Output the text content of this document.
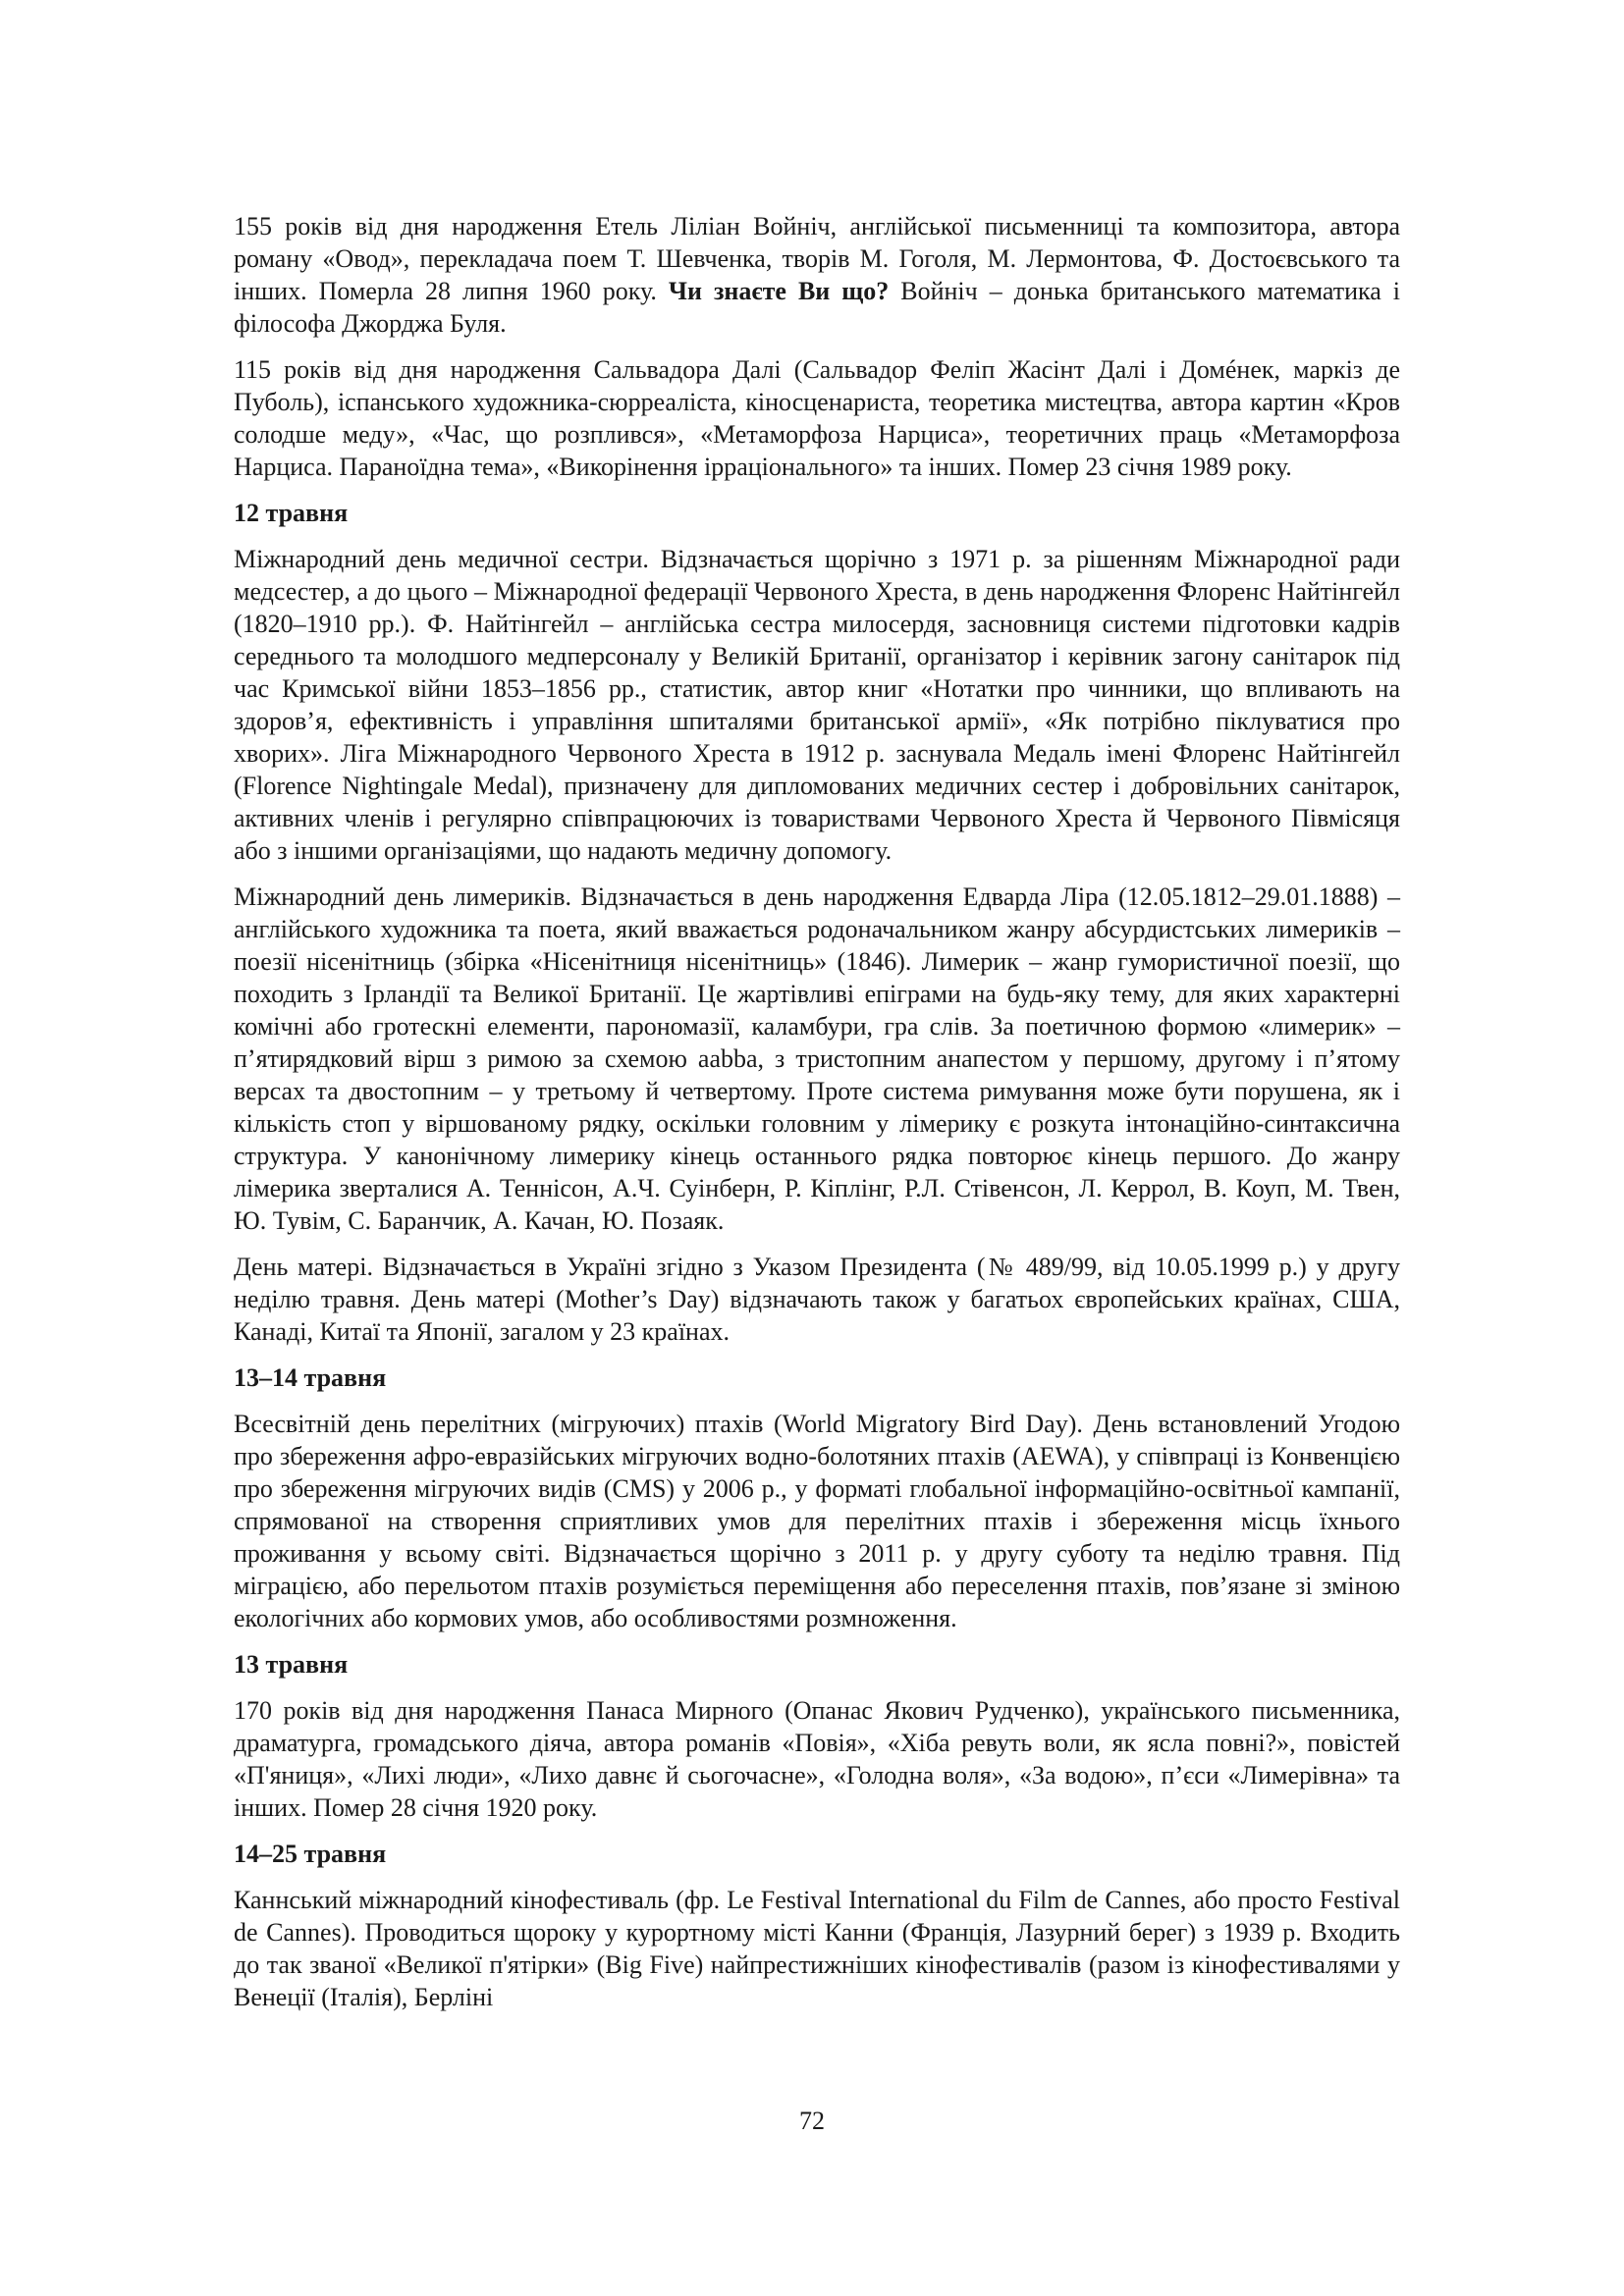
155 років від дня народження Етель Ліліан Войніч, англійської письменниці та композитора, автора роману «Овод», перекладача поем Т. Шевченка, творів М. Гоголя, М. Лермонтова, Ф. Достоєвського та інших. Померла 28 липня 1960 року. Чи знаєте Ви що? Войніч – донька британського математика і філософа Джорджа Буля.

115 років від дня народження Сальвадора Далі (Сальвадор Феліп Жасінт Далі і Домéнек, маркіз де Пуболь), іспанського художника-сюрреаліста, кіносценариста, теоретика мистецтва, автора картин «Кров солодше меду», «Час, що розплився», «Метаморфоза Нарциса», теоретичних праць «Метаморфоза Нарциса. Параноїдна тема», «Викорінення ірраціонального» та інших. Помер 23 січня 1989 року.

12 травня

Міжнародний день медичної сестри. Відзначається щорічно з 1971 р. за рішенням Міжнародної ради медсестер, а до цього – Міжнародної федерації Червоного Хреста, в день народження Флоренс Найтінгейл (1820–1910 рр.). Ф. Найтінгейл – англійська сестра милосердя, засновниця системи підготовки кадрів середнього та молодшого медперсоналу у Великій Британії, організатор і керівник загону санітарок під час Кримської війни 1853–1856 рр., статистик, автор книг «Нотатки про чинники, що впливають на здоров’я, ефективність і управління шпиталями британської армії», «Як потрібно піклуватися про хворих». Ліга Міжнародного Червоного Хреста в 1912 р. заснувала Медаль імені Флоренс Найтінгейл (Florence Nightingale Medal), призначену для дипломованих медичних сестер і добровільних санітарок, активних членів і регулярно співпрацюючих із товариствами Червоного Хреста й Червоного Півмісяця або з іншими організаціями, що надають медичну допомогу.

Міжнародний день лимериків. Відзначається в день народження Едварда Ліра (12.05.1812–29.01.1888) – англійського художника та поета, який вважається родоначальником жанру абсурдистських лимериків – поезії нісенітниць (збірка «Нісенітниця нісенітниць» (1846). Лимерик – жанр гумористичної поезії, що походить з Ірландії та Великої Британії. Це жартівливі епіграми на будь-яку тему, для яких характерні комічні або гротескні елементи, парономазії, каламбури, гра слів. За поетичною формою «лимерик» – п’ятирядковий вірш з римою за схемою aabba, з тристопним анапестом у першому, другому і п’ятому версах та двостопним – у третьому й четвертому. Проте система римування може бути порушена, як і кількість стоп у віршованому рядку, оскільки головним у лімерику є розкута інтонаційно-синтаксична структура. У канонічному лимерику кінець останнього рядка повторює кінець першого. До жанру лімерика зверталися А. Теннісон, А.Ч. Суінберн, Р. Кіплінг, Р.Л. Стівенсон, Л. Керрол, В. Коуп, М. Твен, Ю. Тувім, С. Баранчик, А. Качан, Ю. Позаяк.

День матері. Відзначається в Україні згідно з Указом Президента (№ 489/99, від 10.05.1999 р.) у другу неділю травня. День матері (Mother’s Day) відзначають також у багатьох європейських країнах, США, Канаді, Китаї та Японії, загалом у 23 країнах.

13–14 травня

Всесвітній день перелітних (мігруючих) птахів (World Migratory Bird Day). День встановлений Угодою про збереження афро-евразійських мігруючих водно-болотяних птахів (AEWA), у співпраці із Конвенцією про збереження мігруючих видів (CMS) у 2006 р., у форматі глобальної інформаційно-освітньої кампанії, спрямованої на створення сприятливих умов для перелітних птахів і збереження місць їхнього проживання у всьому світі. Відзначається щорічно з 2011 р. у другу суботу та неділю травня. Під міграцією, або перельотом птахів розуміється переміщення або переселення птахів, пов’язане зі зміною екологічних або кормових умов, або особливостями розмноження.

13 травня

170 років від дня народження Панаса Мирного (Опанас Якович Рудченко), українського письменника, драматурга, громадського діяча, автора романів «Повія», «Хіба ревуть воли, як ясла повні?», повістей «П'яниця», «Лихі люди», «Лихо давнє й сьогочасне», «Голодна воля», «За водою», п’єси «Лимерівна» та інших. Помер 28 січня 1920 року.

14–25 травня

Каннський міжнародний кінофестиваль (фр. Le Festival International du Film de Cannes, або просто Festival de Cannes). Проводиться щороку у курортному місті Канни (Франція, Лазурний берег) з 1939 р. Входить до так званої «Великої п'ятірки» (Big Five) найпрестижніших кінофестивалів (разом із кінофестивалями у Венеції (Італія), Берліні

72
